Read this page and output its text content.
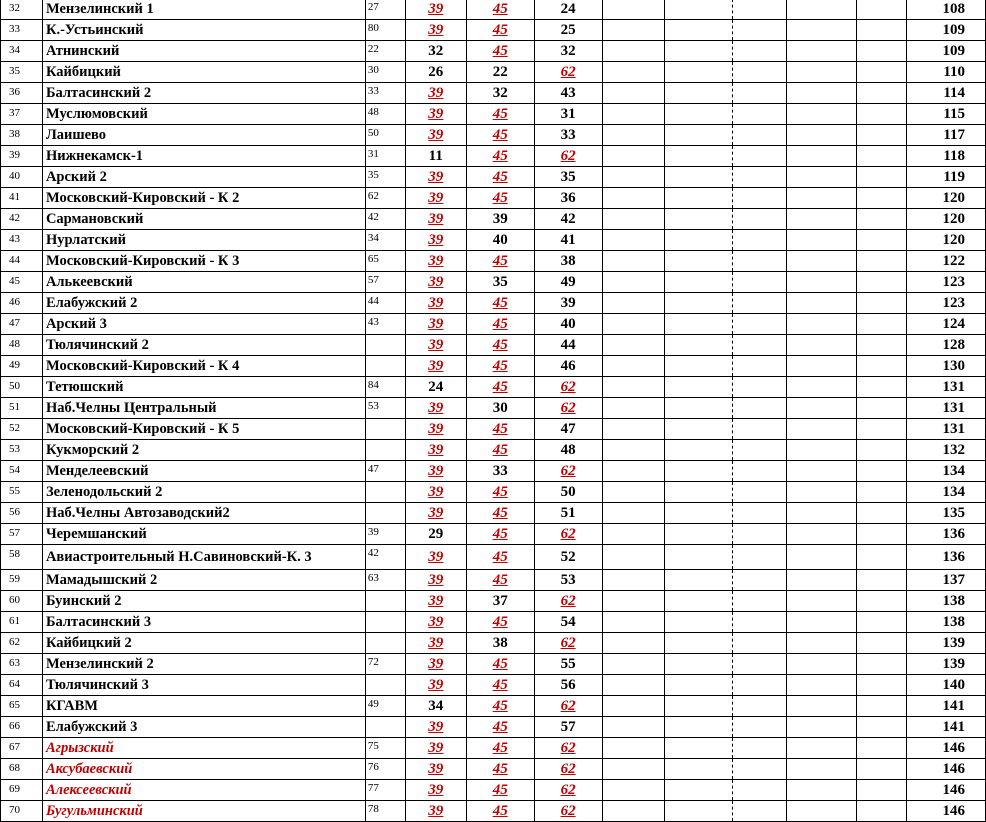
32	Мензелинский 1	27	39	45	24						108
33	К.-Устьинский	80	39	45	25						109
34	Атнинский	22	32	45	32						109
35	Кайбицкий	30	26	22	62						110
36	Балтасинский 2	33	39	32	43						114
37	Муслюмовский	48	39	45	31						115
38	Лаишево	50	39	45	33						117
39	Нижнекамск-1	31	11	45	62						118
40	Арский 2	35	39	45	35						119
41	Московский-Кировский - К 2	62	39	45	36						120
42	Сармановский	42	39	39	42						120
43	Нурлатский	34	39	40	41						120
44	Московский-Кировский - К 3	65	39	45	38						122
45	Алькеевский	57	39	35	49						123
46	Елабужский 2	44	39	45	39						123
47	Арский 3	43	39	45	40						124
48	Тюлячинский 2		39	45	44						128
49	Московский-Кировский - К 4		39	45	46						130
50	Тетюшский	84	24	45	62						131
51	Наб.Челны Центральный	53	39	30	62						131
52	Московский-Кировский - К 5		39	45	47						131
53	Кукморский 2		39	45	48						132
54	Менделеевский	47	39	33	62						134
55	Зеленодольский 2		39	45	50						134
56	Наб.Челны Автозаводский2		39	45	51						135
57	Черемшанский	39	29	45	62						136
58	Авиастроительный Н.Савиновский-К. 3	42	39	45	52						136
59	Мамадышский 2	63	39	45	53						137
60	Буинский 2		39	37	62						138
61	Балтасинский 3		39	45	54						138
62	Кайбицкий 2		39	38	62						139
63	Мензелинский 2	72	39	45	55						139
64	Тюлячинский 3		39	45	56						140
65	КГАВМ	49	34	45	62						141
66	Елабужский 3		39	45	57						141
67	Агрызский	75	39	45	62						146
68	Аксубаевский	76	39	45	62						146
69	Алексеевский	77	39	45	62						146
70	Бугульминский	78	39	45	62						146
